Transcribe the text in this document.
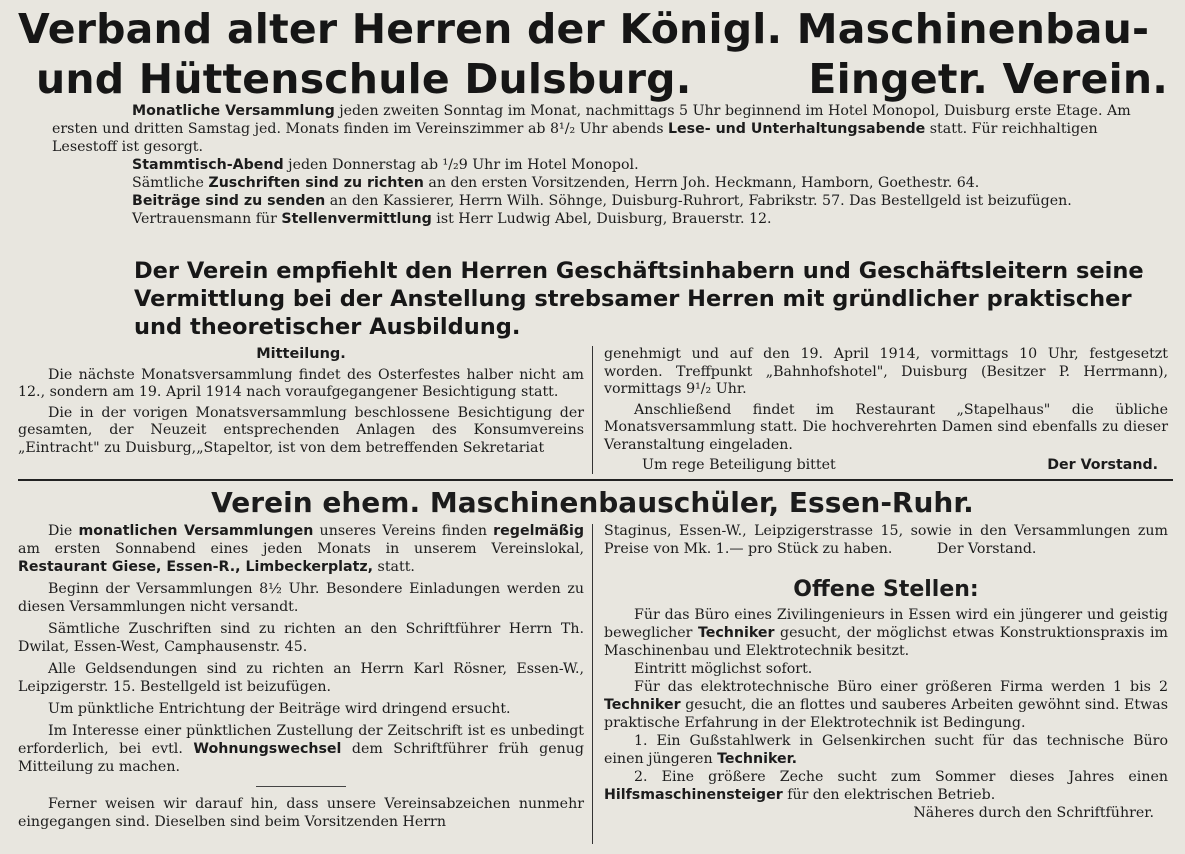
Verband alter Herren der Königl. Maschinenbau-
und Hüttenschule Dulsburg.	Eingetr. Verein.

Monatliche Versammlung jeden zweiten Sonntag im Monat, nachmittags 5 Uhr beginnend im Hotel Monopol, Duisburg erste Etage. Am ersten und dritten Samstag jed. Monats finden im Vereinszimmer ab 8¹/₂ Uhr abends Lese- und Unterhaltungsabende statt. Für reichhaltigen Lesestoff ist gesorgt.

Stammtisch-Abend jeden Donnerstag ab ¹/₂9 Uhr im Hotel Monopol.

Sämtliche Zuschriften sind zu richten an den ersten Vorsitzenden, Herrn Joh. Heckmann, Hamborn, Goethestr. 64.

Beiträge sind zu senden an den Kassierer, Herrn Wilh. Söhnge, Duisburg-Ruhrort, Fabrikstr. 57. Das Bestellgeld ist beizufügen.

Vertrauensmann für Stellenvermittlung ist Herr Ludwig Abel, Duisburg, Brauerstr. 12.

Der Verein empfiehlt den Herren Geschäftsinhabern und Geschäftsleitern seine Vermittlung bei der Anstellung strebsamer Herren mit gründlicher praktischer und theoretischer Ausbildung.

Mitteilung.

Die nächste Monatsversammlung findet des Osterfestes halber nicht am 12., sondern am 19. April 1914 nach voraufgegangener Besichtigung statt.

Die in der vorigen Monatsversammlung beschlossene Besichtigung der gesamten, der Neuzeit entsprechenden Anlagen des Konsumvereins „Eintracht" zu Duisburg,„Stapeltor, ist von dem betreffenden Sekretariat

genehmigt und auf den 19. April 1914, vormittags 10 Uhr, festgesetzt worden. Treffpunkt „Bahnhofshotel", Duisburg (Besitzer P. Herrmann), vormittags 9¹/₂ Uhr.

Anschließend findet im Restaurant „Stapelhaus" die übliche Monatsversammlung statt. Die hochverehrten Damen sind ebenfalls zu dieser Veranstaltung eingeladen.

Um rege Beteiligung bittet	Der Vorstand.
Verein ehem. Maschinenbauschüler, Essen-Ruhr.

Die monatlichen Versammlungen unseres Vereins finden regelmäßig am ersten Sonnabend eines jeden Monats in unserem Vereinslokal, Restaurant Giese, Essen-R., Limbeckerplatz, statt.

Beginn der Versammlungen 8½ Uhr. Besondere Einladungen werden zu diesen Versammlungen nicht versandt.

Sämtliche Zuschriften sind zu richten an den Schriftführer Herrn Th. Dwilat, Essen-West, Camphausenstr. 45.

Alle Geldsendungen sind zu richten an Herrn Karl Rösner, Essen-W., Leipzigerstr. 15. Bestellgeld ist beizufügen.

Um pünktliche Entrichtung der Beiträge wird dringend ersucht.

Im Interesse einer pünktlichen Zustellung der Zeitschrift ist es unbedingt erforderlich, bei evtl. Wohnungswechsel dem Schriftführer früh genug Mitteilung zu machen.

Ferner weisen wir darauf hin, dass unsere Vereinsabzeichen nunmehr eingegangen sind. Dieselben sind beim Vorsitzenden Herrn

Staginus, Essen-W., Leipzigerstrasse 15, sowie in den Versammlungen zum Preise von Mk. 1.— pro Stück zu haben.	Der Vorstand.

Offene Stellen:

Für das Büro eines Zivilingenieurs in Essen wird ein jüngerer und geistig beweglicher Techniker gesucht, der möglichst etwas Konstruktionspraxis im Maschinenbau und Elektrotechnik besitzt.

Eintritt möglichst sofort.

Für das elektrotechnische Büro einer größeren Firma werden 1 bis 2 Techniker gesucht, die an flottes und sauberes Arbeiten gewöhnt sind. Etwas praktische Erfahrung in der Elektrotechnik ist Bedingung.

1. Ein Gußstahlwerk in Gelsenkirchen sucht für das technische Büro einen jüngeren Techniker.

2. Eine größere Zeche sucht zum Sommer dieses Jahres einen Hilfsmaschinensteiger für den elektrischen Betrieb.

Näheres durch den Schriftführer.
